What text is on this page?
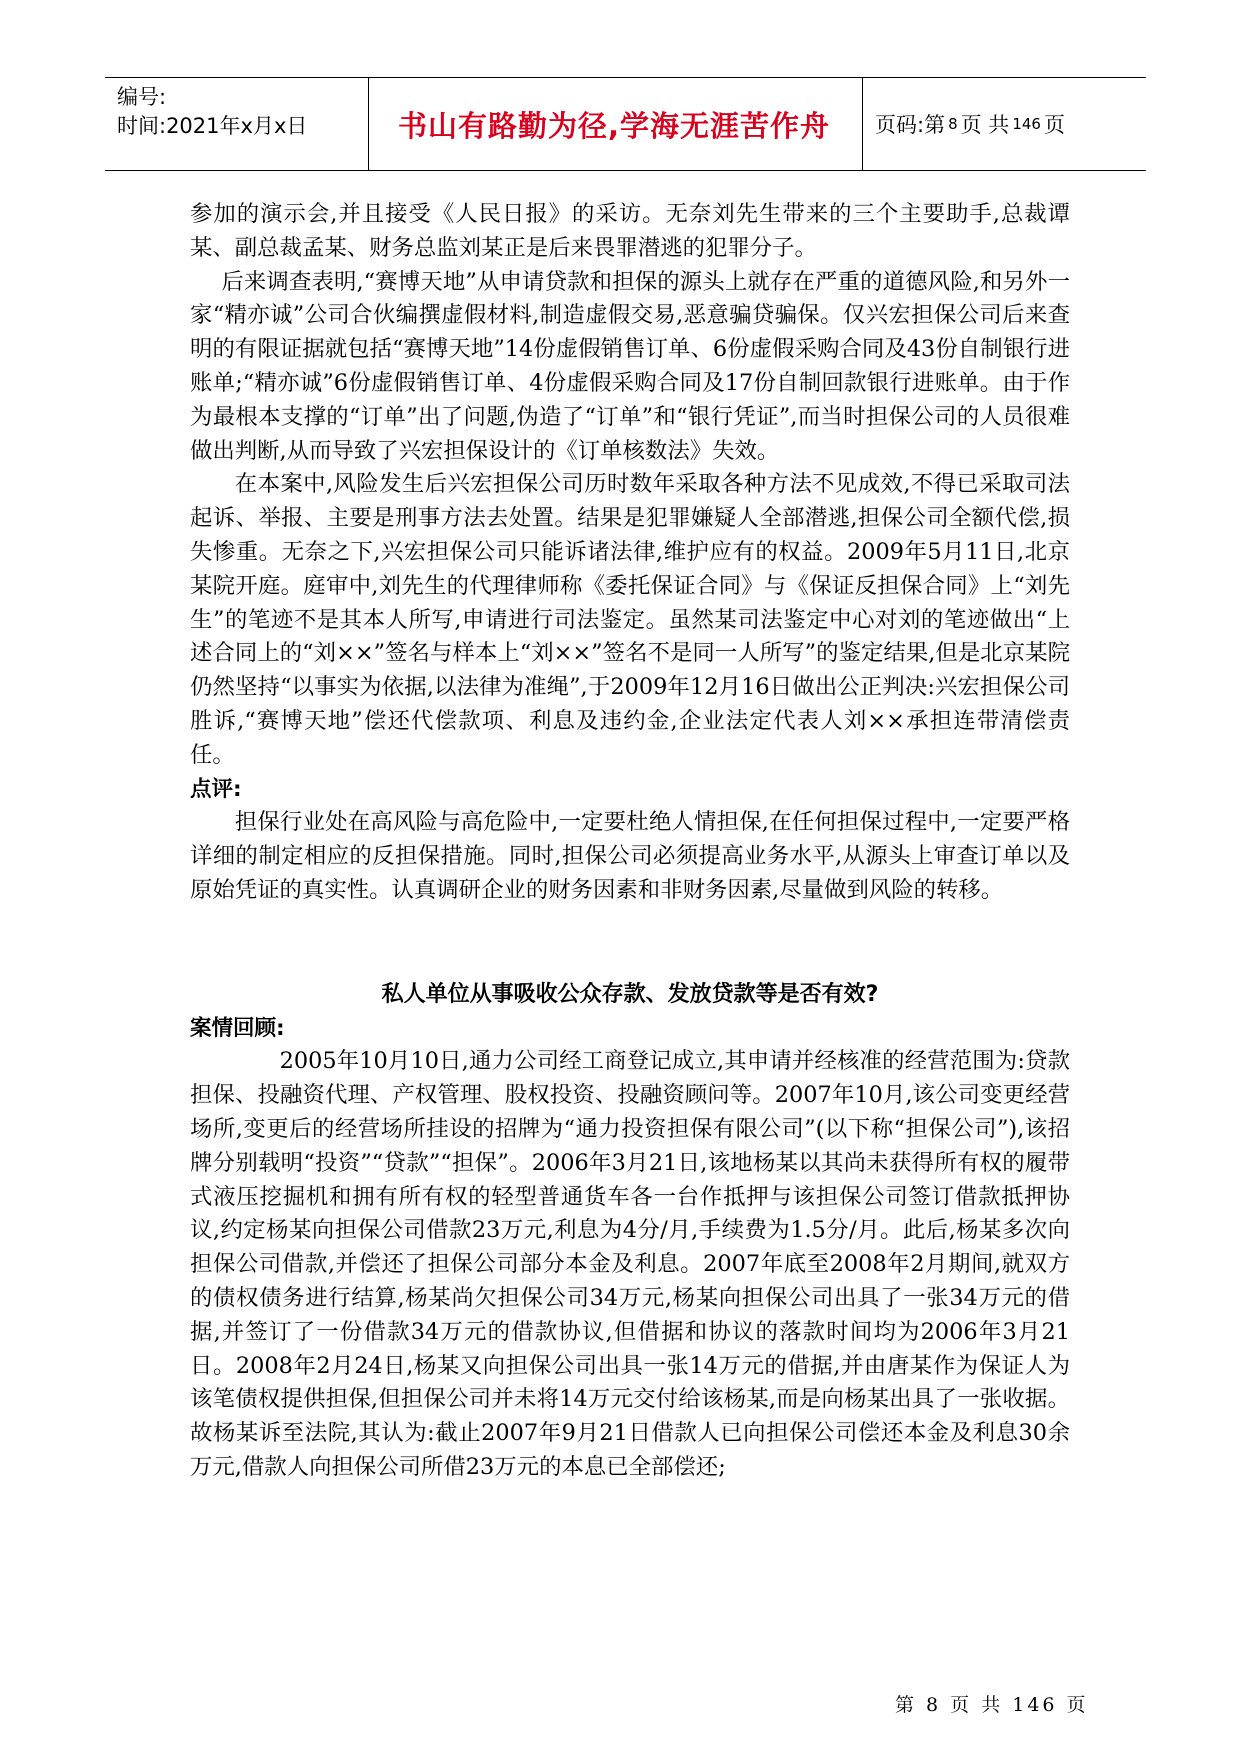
编号:
时间:2021年x月x日	书山有路勤为径,学海无涯苦作舟	页码:第 8 页 共 146 页

参加的演示会,并且接受《人民日报》的采访。无奈刘先生带来的三个主要助手,总裁谭某、副总裁孟某、财务总监刘某正是后来畏罪潜逃的犯罪分子。

后来调查表明,“赛博天地”从申请贷款和担保的源头上就存在严重的道德风险,和另外一家“精亦诚”公司合伙编撰虚假材料,制造虚假交易,恶意骗贷骗保。仅兴宏担保公司后来查明的有限证据就包括“赛博天地”14份虚假销售订单、6份虚假采购合同及43份自制银行进账单;“精亦诚”6份虚假销售订单、4份虚假采购合同及17份自制回款银行进账单。由于作为最根本支撑的“订单”出了问题,伪造了“订单”和“银行凭证”,而当时担保公司的人员很难做出判断,从而导致了兴宏担保设计的《订单核数法》失效。

在本案中,风险发生后兴宏担保公司历时数年采取各种方法不见成效,不得已采取司法起诉、举报、主要是刑事方法去处置。结果是犯罪嫌疑人全部潜逃,担保公司全额代偿,损失惨重。无奈之下,兴宏担保公司只能诉诸法律,维护应有的权益。2009年5月11日,北京某院开庭。庭审中,刘先生的代理律师称《委托保证合同》与《保证反担保合同》上“刘先生”的笔迹不是其本人所写,申请进行司法鉴定。虽然某司法鉴定中心对刘的笔迹做出“上述合同上的“刘××”签名与样本上“刘××”签名不是同一人所写”的鉴定结果,但是北京某院仍然坚持“以事实为依据,以法律为准绳”,于2009年12月16日做出公正判决:兴宏担保公司胜诉,“赛博天地”偿还代偿款项、利息及违约金,企业法定代表人刘××承担连带清偿责任。

点评:

担保行业处在高风险与高危险中,一定要杜绝人情担保,在任何担保过程中,一定要严格详细的制定相应的反担保措施。同时,担保公司必须提高业务水平,从源头上审查订单以及原始凭证的真实性。认真调研企业的财务因素和非财务因素,尽量做到风险的转移。

私人单位从事吸收公众存款、发放贷款等是否有效?

案情回顾:

2005年10月10日,通力公司经工商登记成立,其申请并经核准的经营范围为:贷款担保、投融资代理、产权管理、股权投资、投融资顾问等。2007年10月,该公司变更经营场所,变更后的经营场所挂设的招牌为“通力投资担保有限公司”(以下称“担保公司”),该招牌分别载明“投资”“贷款”“担保”。2006年3月21日,该地杨某以其尚未获得所有权的履带式液压挖掘机和拥有所有权的轻型普通货车各一台作抵押与该担保公司签订借款抵押协议,约定杨某向担保公司借款23万元,利息为4分/月,手续费为1.5分/月。此后,杨某多次向担保公司借款,并偿还了担保公司部分本金及利息。2007年底至2008年2月期间,就双方的债权债务进行结算,杨某尚欠担保公司34万元,杨某向担保公司出具了一张34万元的借据,并签订了一份借款34万元的借款协议,但借据和协议的落款时间均为2006年3月21日。2008年2月24日,杨某又向担保公司出具一张14万元的借据,并由唐某作为保证人为该笔债权提供担保,但担保公司并未将14万元交付给该杨某,而是向杨某出具了一张收据。故杨某诉至法院,其认为:截止2007年9月21日借款人已向担保公司偿还本金及利息30余万元,借款人向担保公司所借23万元的本息已全部偿还;

第 8 页 共 146 页
